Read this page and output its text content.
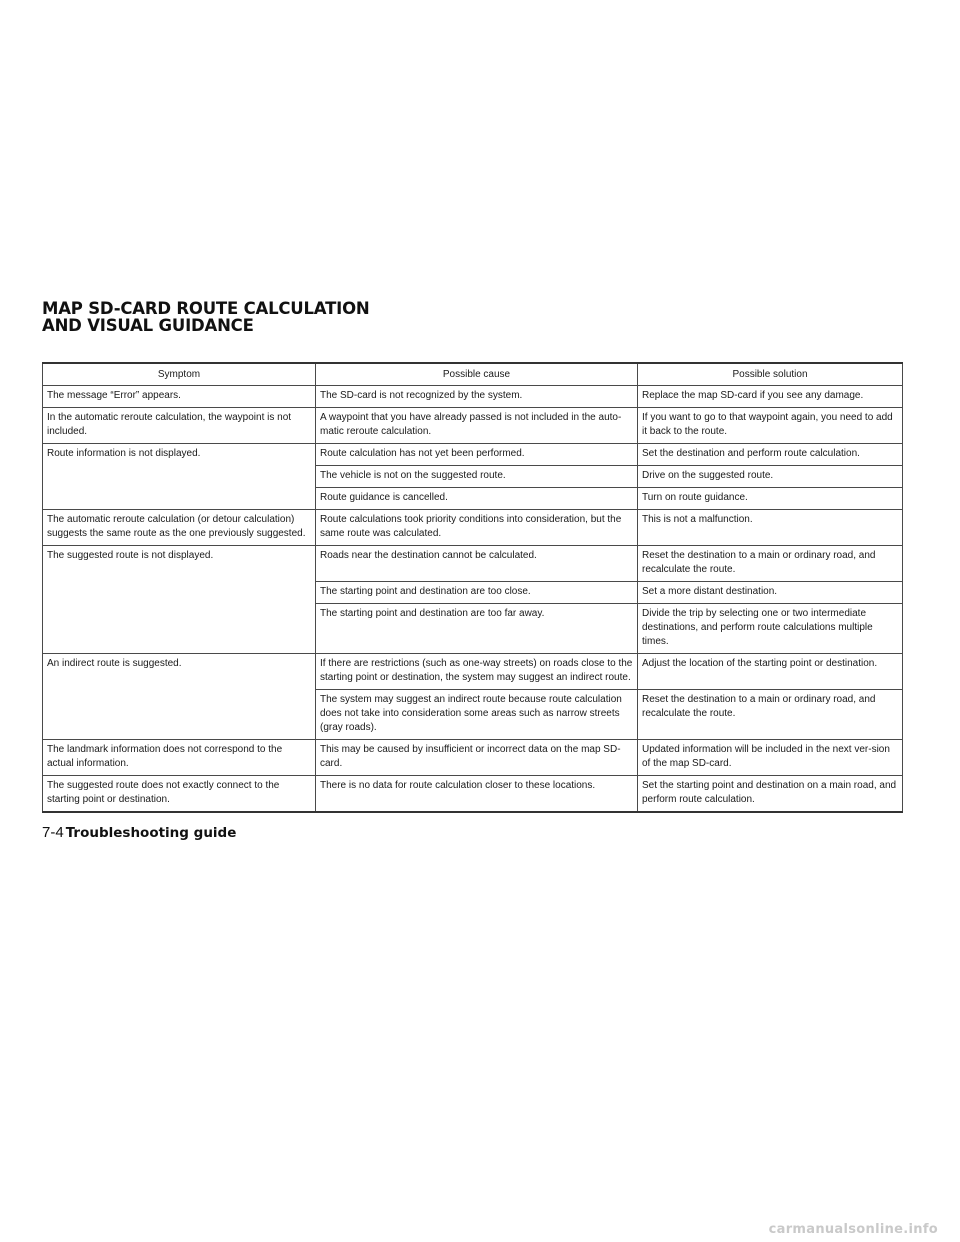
MAP SD-CARD ROUTE CALCULATION
AND VISUAL GUIDANCE
Symptom	Possible cause	Possible solution
The message “Error” appears.	The SD-card is not recognized by the system.	Replace the map SD-card if you see any damage.
In the automatic reroute calculation, the waypoint is not included.	A waypoint that you have already passed is not included in the auto-matic reroute calculation.	If you want to go to that waypoint again, you need to add it back to the route.
Route information is not displayed.	Route calculation has not yet been performed.	Set the destination and perform route calculation.
	The vehicle is not on the suggested route.	Drive on the suggested route.
	Route guidance is cancelled.	Turn on route guidance.
The automatic reroute calculation (or detour calculation) suggests the same route as the one previously suggested.	Route calculations took priority conditions into consideration, but the same route was calculated.	This is not a malfunction.
The suggested route is not displayed.	Roads near the destination cannot be calculated.	Reset the destination to a main or ordinary road, and recalculate the route.
	The starting point and destination are too close.	Set a more distant destination.
	The starting point and destination are too far away.	Divide the trip by selecting one or two intermediate destinations, and perform route calculations multiple times.
An indirect route is suggested.	If there are restrictions (such as one-way streets) on roads close to the starting point or destination, the system may suggest an indirect route.	Adjust the location of the starting point or destination.
	The system may suggest an indirect route because route calculation does not take into consideration some areas such as narrow streets (gray roads).	Reset the destination to a main or ordinary road, and recalculate the route.
The landmark information does not correspond to the actual information.	This may be caused by insufficient or incorrect data on the map SD-card.	Updated information will be included in the next ver-sion of the map SD-card.
The suggested route does not exactly connect to the starting point or destination.	There is no data for route calculation closer to these locations.	Set the starting point and destination on a main road, and perform route calculation.
7-4 Troubleshooting guide
carmanualsonline.info
